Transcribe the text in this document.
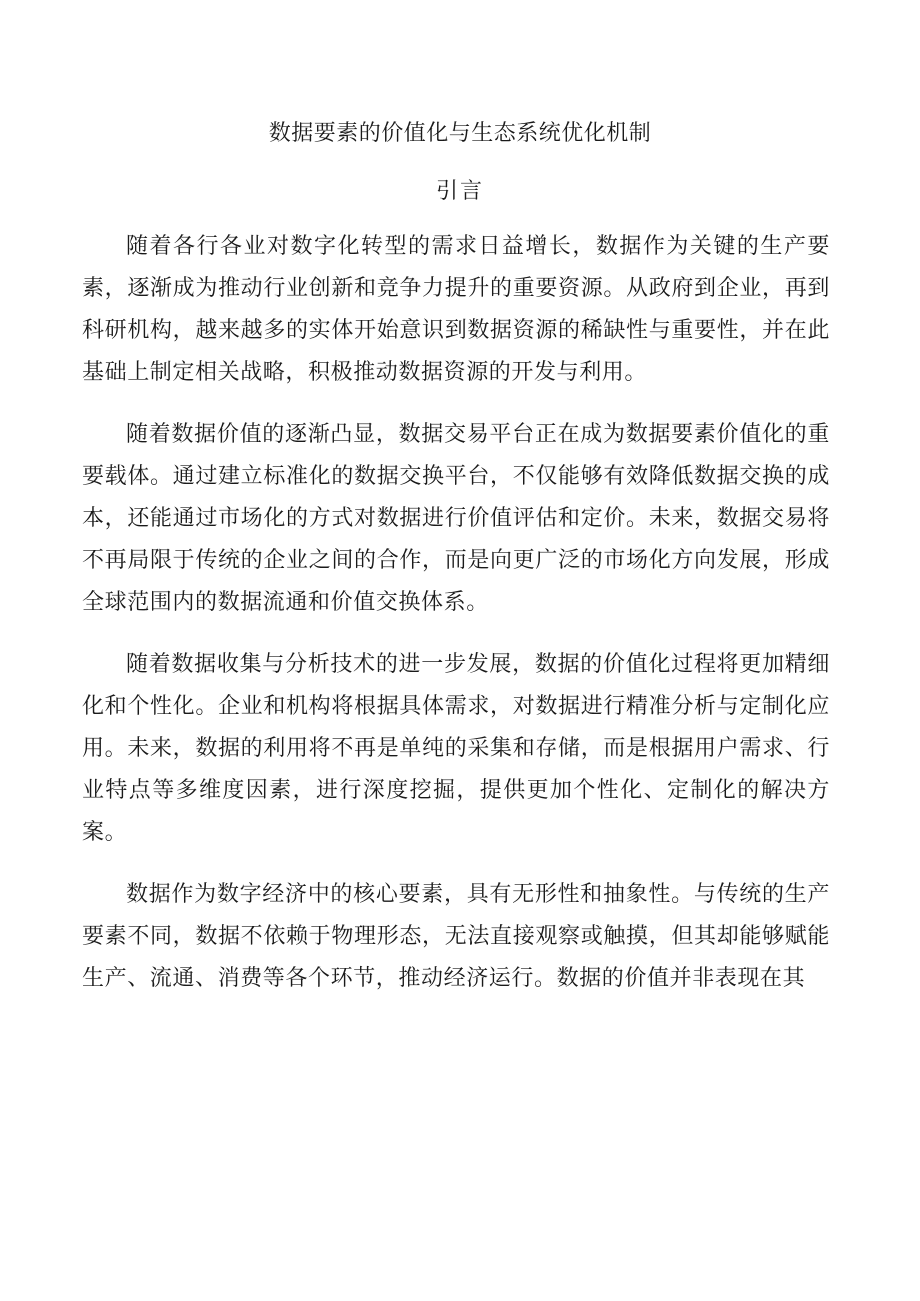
数据要素的价值化与生态系统优化机制
引言

随着各行各业对数字化转型的需求日益增长，数据作为关键的生产要素，逐渐成为推动行业创新和竞争力提升的重要资源。从政府到企业，再到科研机构，越来越多的实体开始意识到数据资源的稀缺性与重要性，并在此基础上制定相关战略，积极推动数据资源的开发与利用。

随着数据价值的逐渐凸显，数据交易平台正在成为数据要素价值化的重要载体。通过建立标准化的数据交换平台，不仅能够有效降低数据交换的成本，还能通过市场化的方式对数据进行价值评估和定价。未来，数据交易将不再局限于传统的企业之间的合作，而是向更广泛的市场化方向发展，形成全球范围内的数据流通和价值交换体系。

随着数据收集与分析技术的进一步发展，数据的价值化过程将更加精细化和个性化。企业和机构将根据具体需求，对数据进行精准分析与定制化应用。未来，数据的利用将不再是单纯的采集和存储，而是根据用户需求、行业特点等多维度因素，进行深度挖掘，提供更加个性化、定制化的解决方案。

数据作为数字经济中的核心要素，具有无形性和抽象性。与传统的生产要素不同，数据不依赖于物理形态，无法直接观察或触摸，但其却能够赋能生产、流通、消费等各个环节，推动经济运行。数据的价值并非表现在其
